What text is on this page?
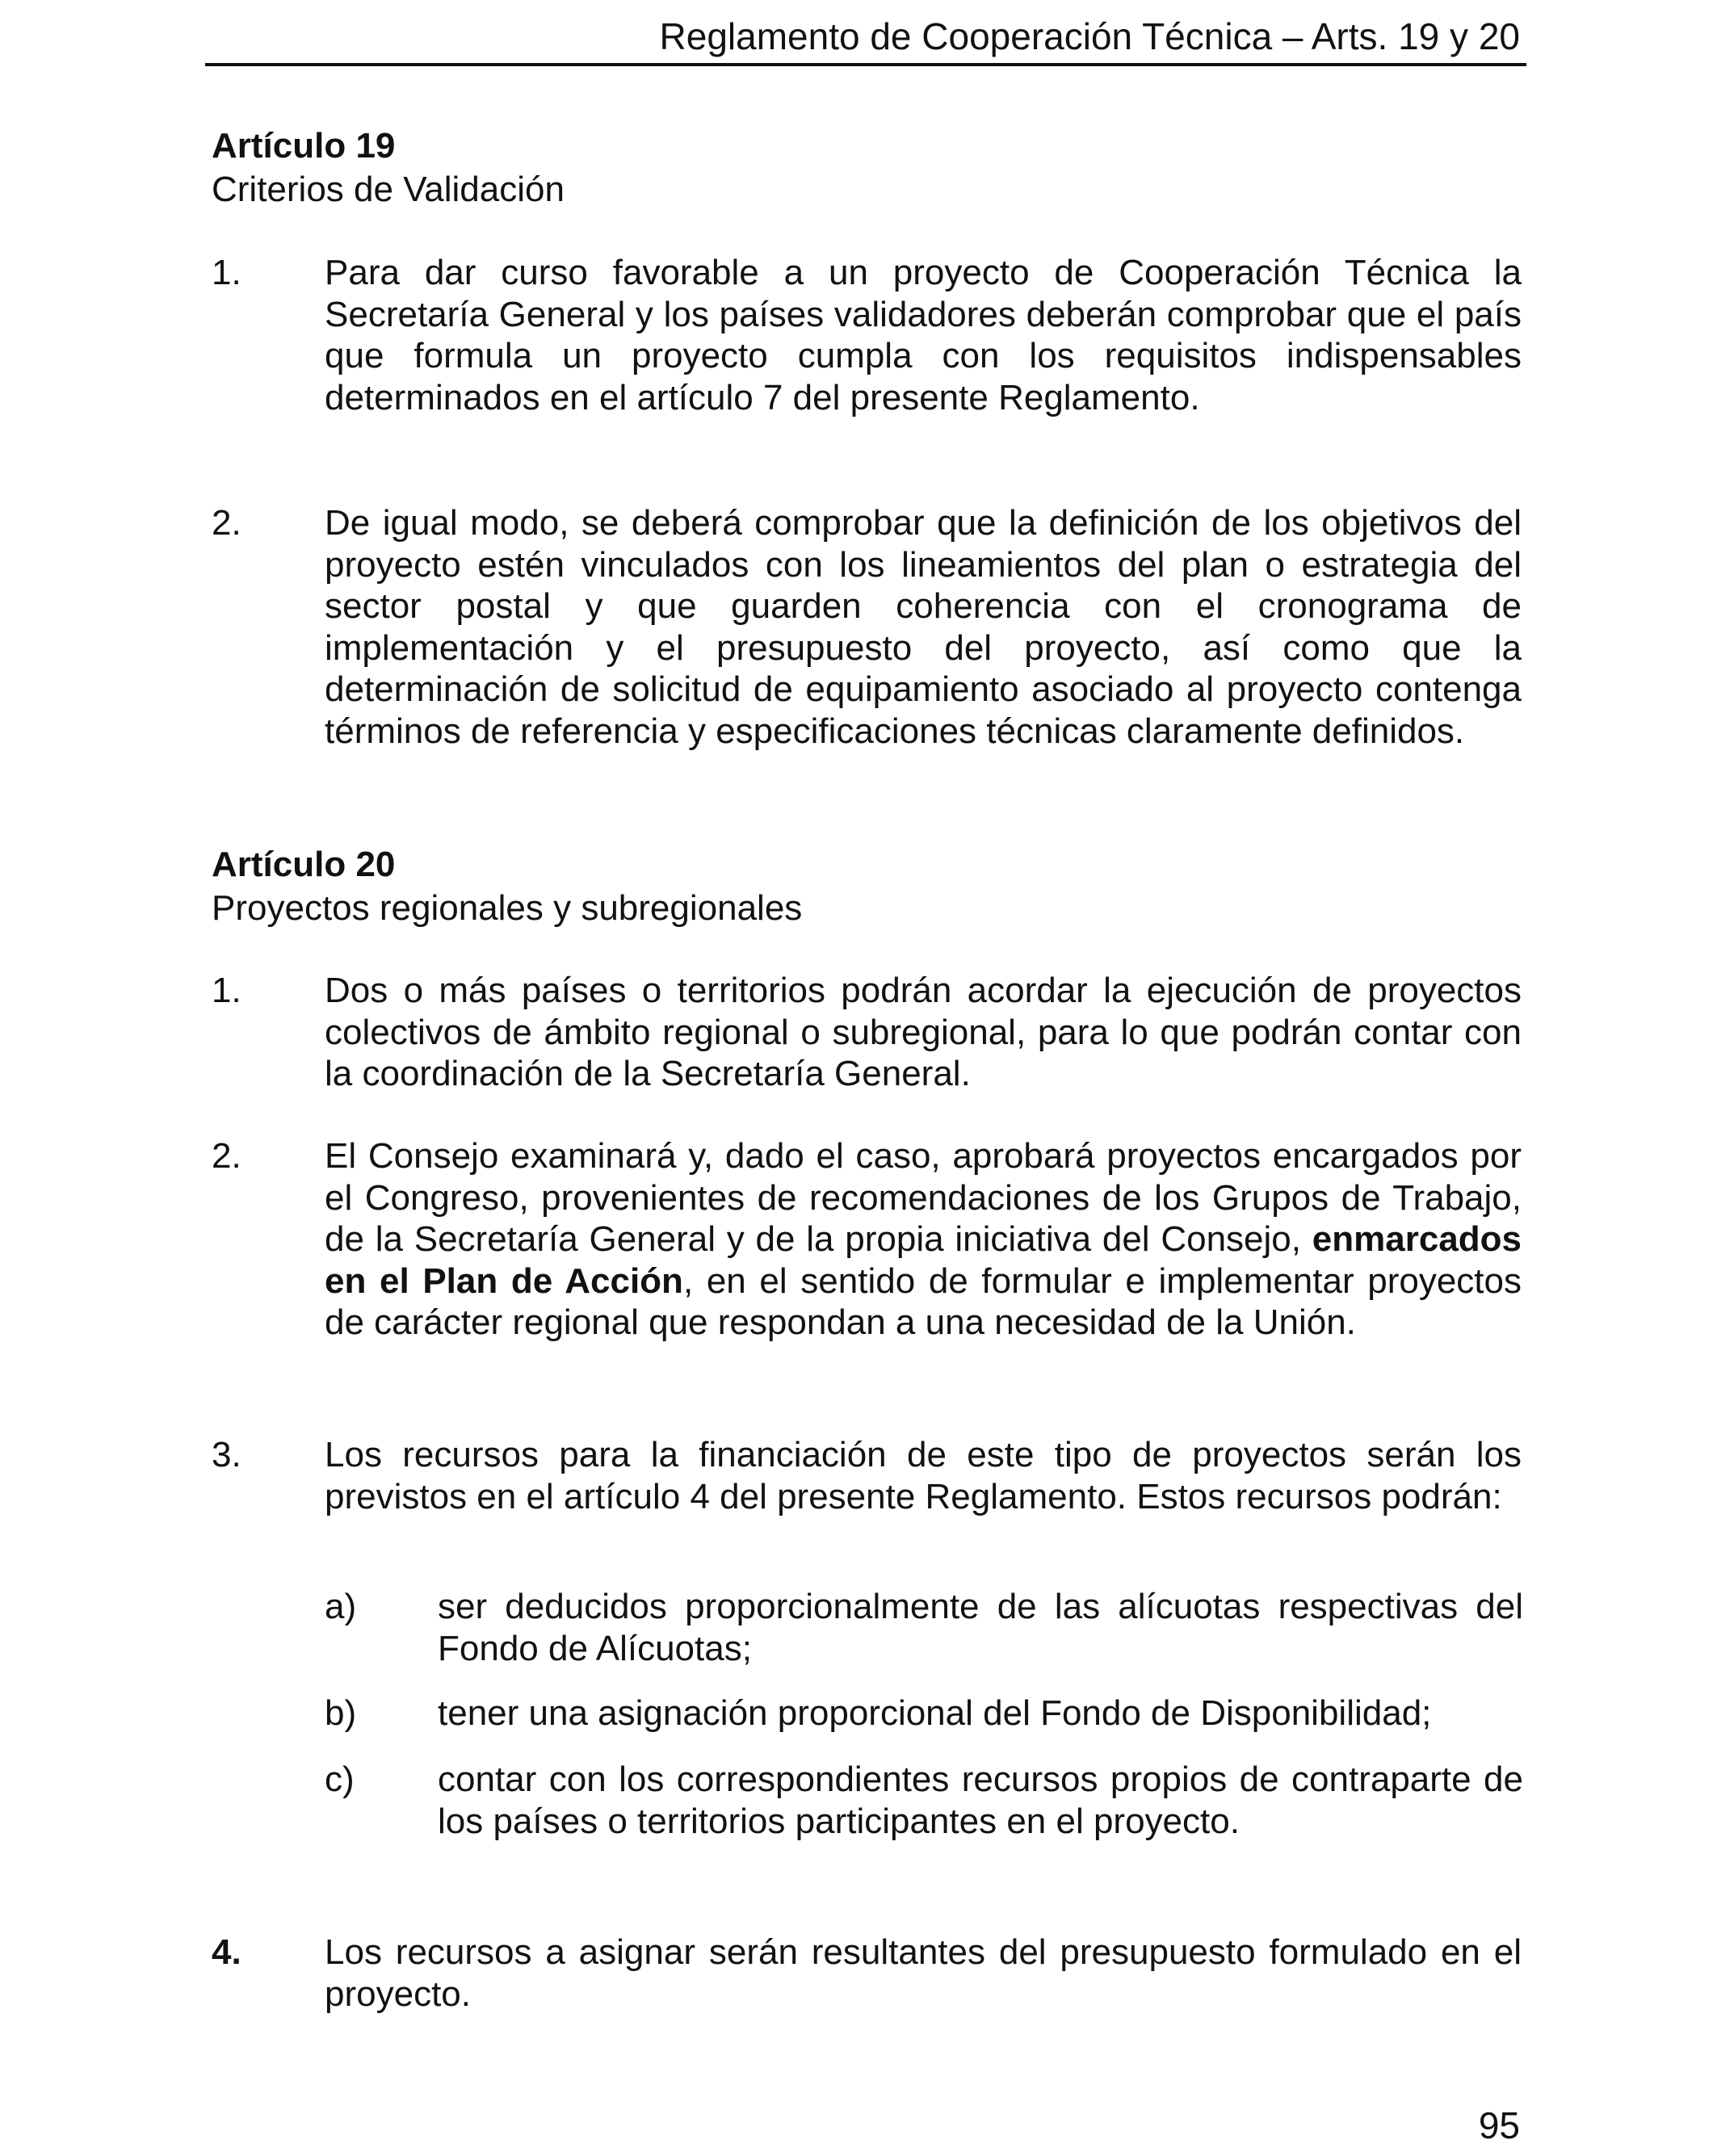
Reglamento de Cooperación Técnica – Arts. 19 y 20
Artículo 19
Criterios de Validación
1. Para dar curso favorable a un proyecto de Cooperación Técnica la Secretaría General y los países validadores deberán comprobar que el país que formula un proyecto cumpla con los requisitos indispensables determinados en el artículo 7 del presente Reglamento.
2. De igual modo, se deberá comprobar que la definición de los objetivos del proyecto estén vinculados con los lineamientos del plan o estrategia del sector postal y que guarden coherencia con el cronograma de implementación y el presupuesto del proyecto, así como que la determinación de solicitud de equipamiento asociado al proyecto contenga términos de referencia y especificaciones técnicas claramente definidos.
Artículo 20
Proyectos regionales y subregionales
1. Dos o más países o territorios podrán acordar la ejecución de proyectos colectivos de ámbito regional o subregional, para lo que podrán contar con la coordinación de la Secretaría General.
2. El Consejo examinará y, dado el caso, aprobará proyectos encargados por el Congreso, provenientes de recomendaciones de los Grupos de Trabajo, de la Secretaría General y de la propia iniciativa del Consejo, enmarcados en el Plan de Acción, en el sentido de formular e implementar proyectos de carácter regional que respondan a una necesidad de la Unión.
3. Los recursos para la financiación de este tipo de proyectos serán los previstos en el artículo 4 del presente Reglamento. Estos recursos podrán:
a) ser deducidos proporcionalmente de las alícuotas respectivas del Fondo de Alícuotas;
b) tener una asignación proporcional del Fondo de Disponibilidad;
c) contar con los correspondientes recursos propios de contraparte de los países o territorios participantes en el proyecto.
4. Los recursos a asignar serán resultantes del presupuesto formulado en el proyecto.
95
